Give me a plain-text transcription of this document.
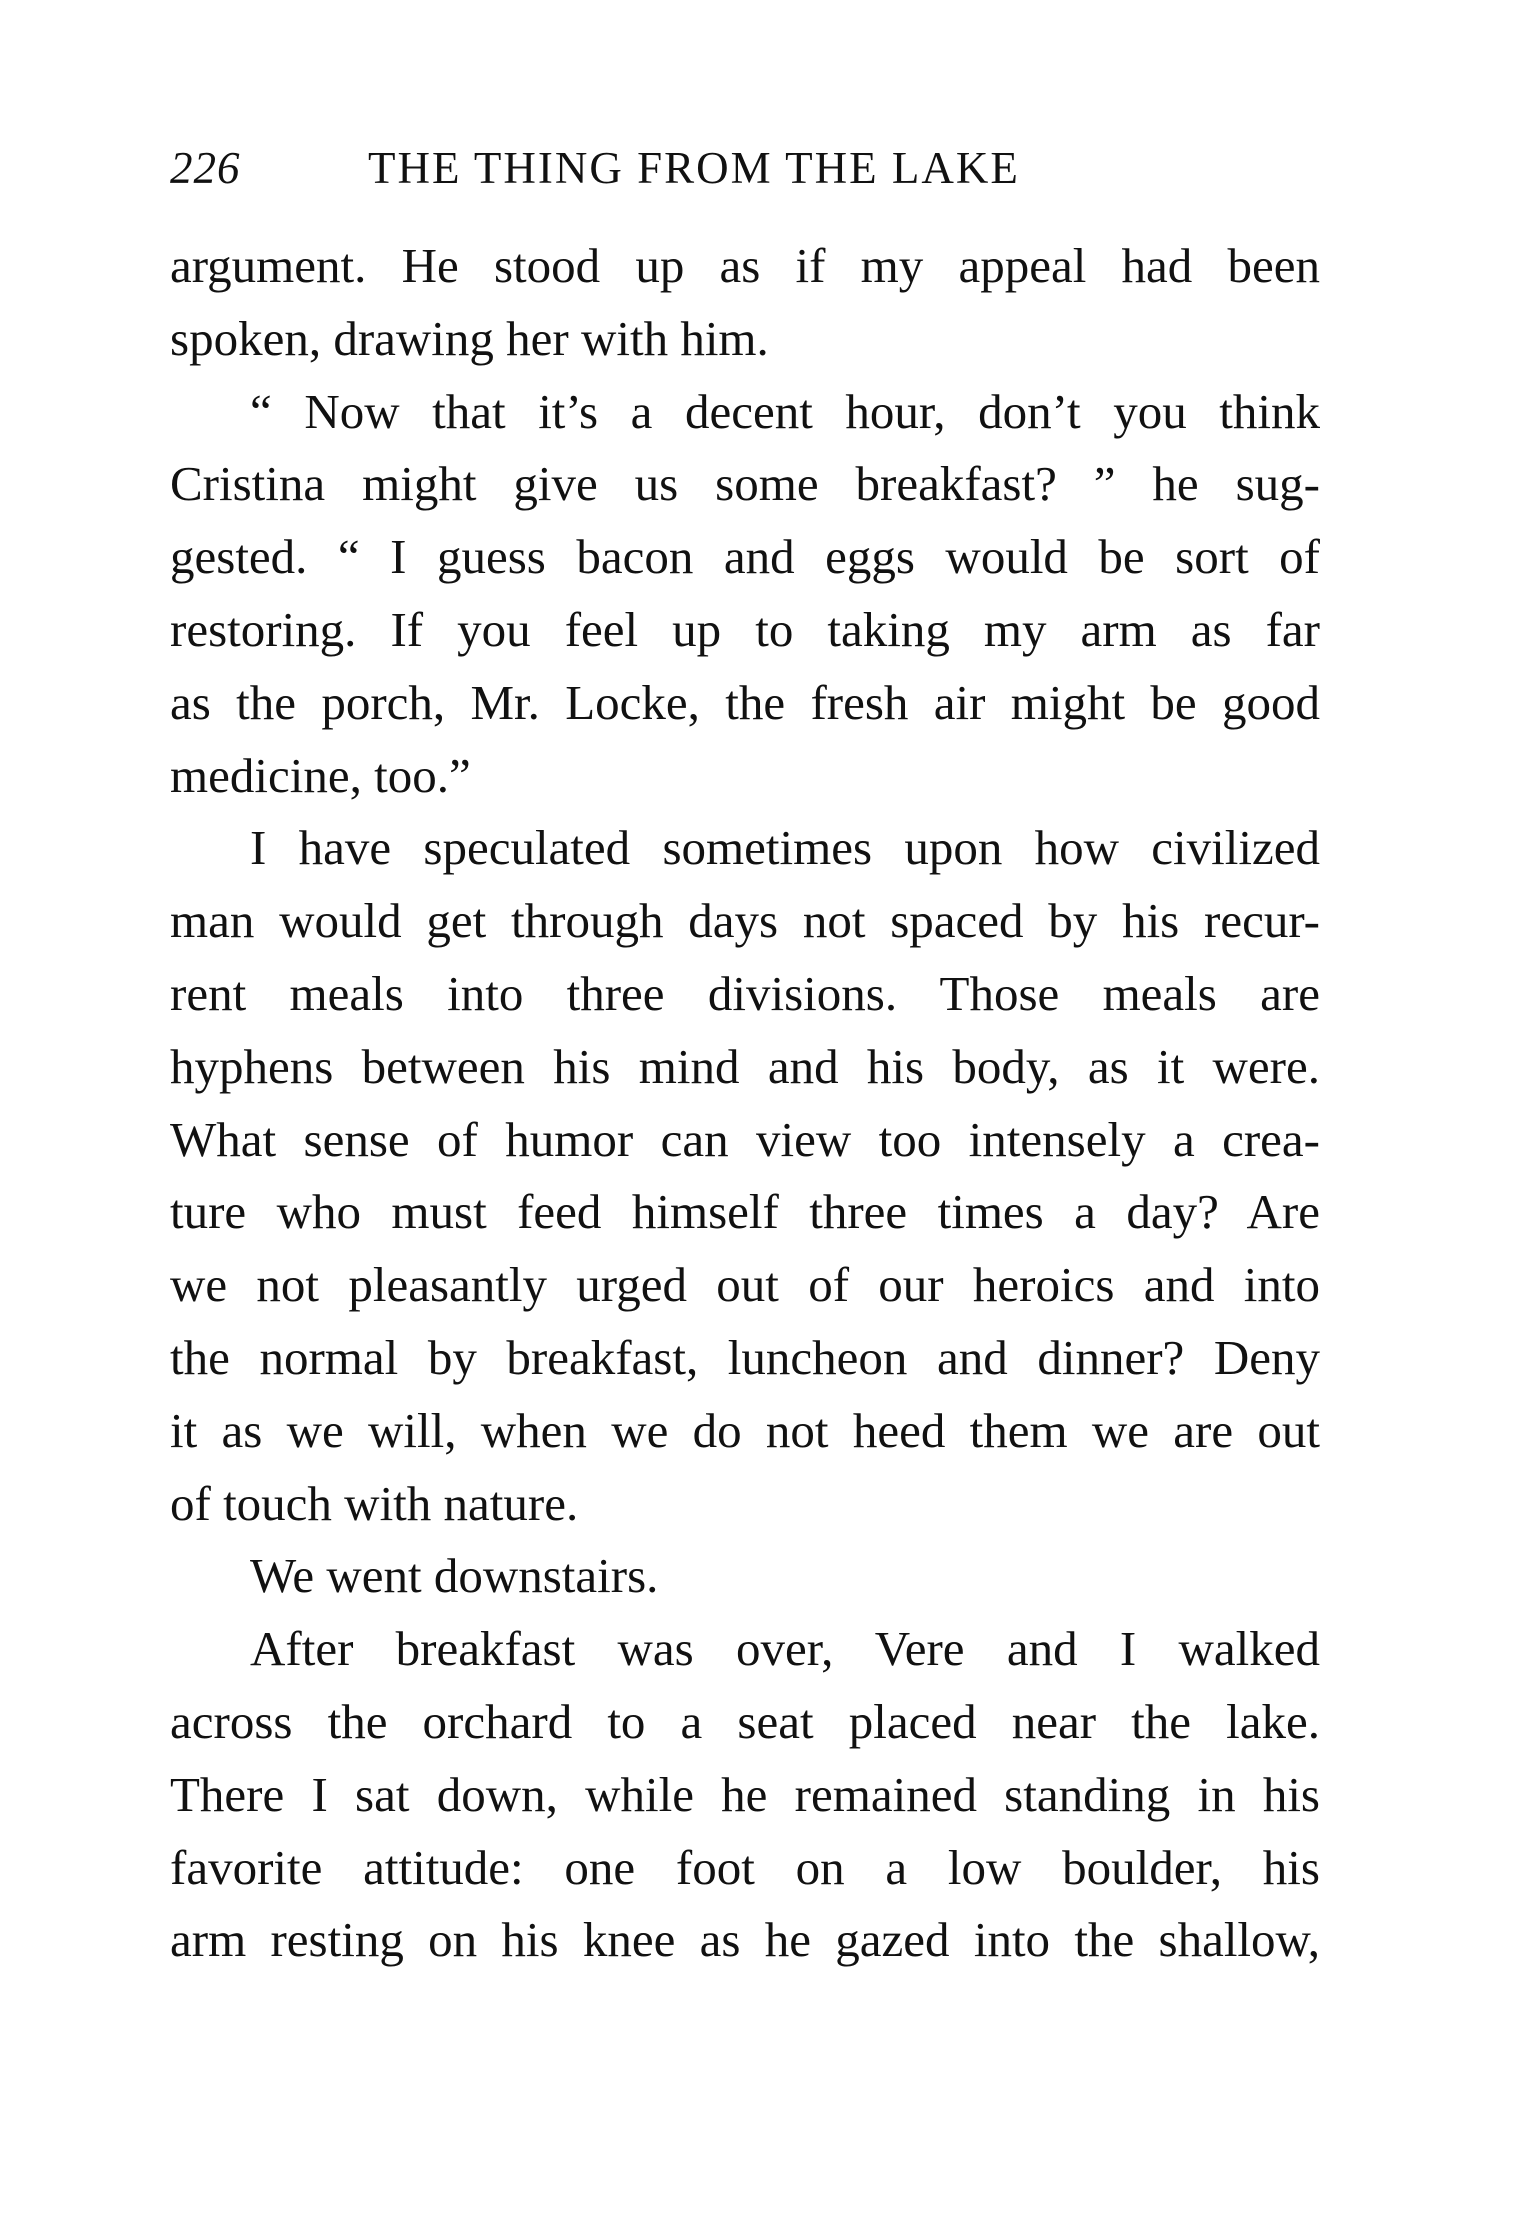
226	THE THING FROM THE LAKE
argument. He stood up as if my appeal had been
spoken, drawing her with him.
“ Now that it’s a decent hour, don’t you think
Cristina might give us some breakfast? ” he sug-
gested. “ I guess bacon and eggs would be sort of
restoring. If you feel up to taking my arm as far
as the porch, Mr. Locke, the fresh air might be good
medicine, too.”
I have speculated sometimes upon how civilized
man would get through days not spaced by his recur-
rent meals into three divisions. Those meals are
hyphens between his mind and his body, as it were.
What sense of humor can view too intensely a crea-
ture who must feed himself three times a day? Are
we not pleasantly urged out of our heroics and into
the normal by breakfast, luncheon and dinner? Deny
it as we will, when we do not heed them we are out
of touch with nature.
We went downstairs.
After breakfast was over, Vere and I walked
across the orchard to a seat placed near the lake.
There I sat down, while he remained standing in his
favorite attitude: one foot on a low boulder, his
arm resting on his knee as he gazed into the shallow,
